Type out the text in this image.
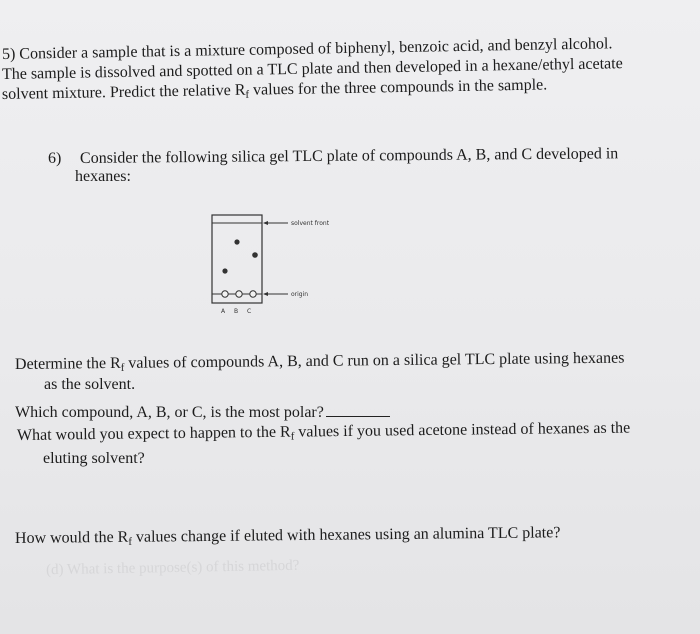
5) Consider a sample that is a mixture composed of biphenyl, benzoic acid, and benzyl alcohol.
The sample is dissolved and spotted on a TLC plate and then developed in a hexane/ethyl acetate
solvent mixture. Predict the relative $R_f$ values for the three compounds in the sample.
6) Consider the following silica gel TLC plate of compounds A, B, and C developed in
hexanes:
solvent front
origin
A B C
Determine the $R_f$ values of compounds A, B, and C run on a silica gel TLC plate using hexanes
as the solvent.
Which compound, A, B, or C, is the most polar?
What would you expect to happen to the $R_f$ values if you used acetone instead of hexanes as the
eluting solvent?
How would the $R_f$ values change if eluted with hexanes using an alumina TLC plate?
(d) What is the purpose(s) of this method?
